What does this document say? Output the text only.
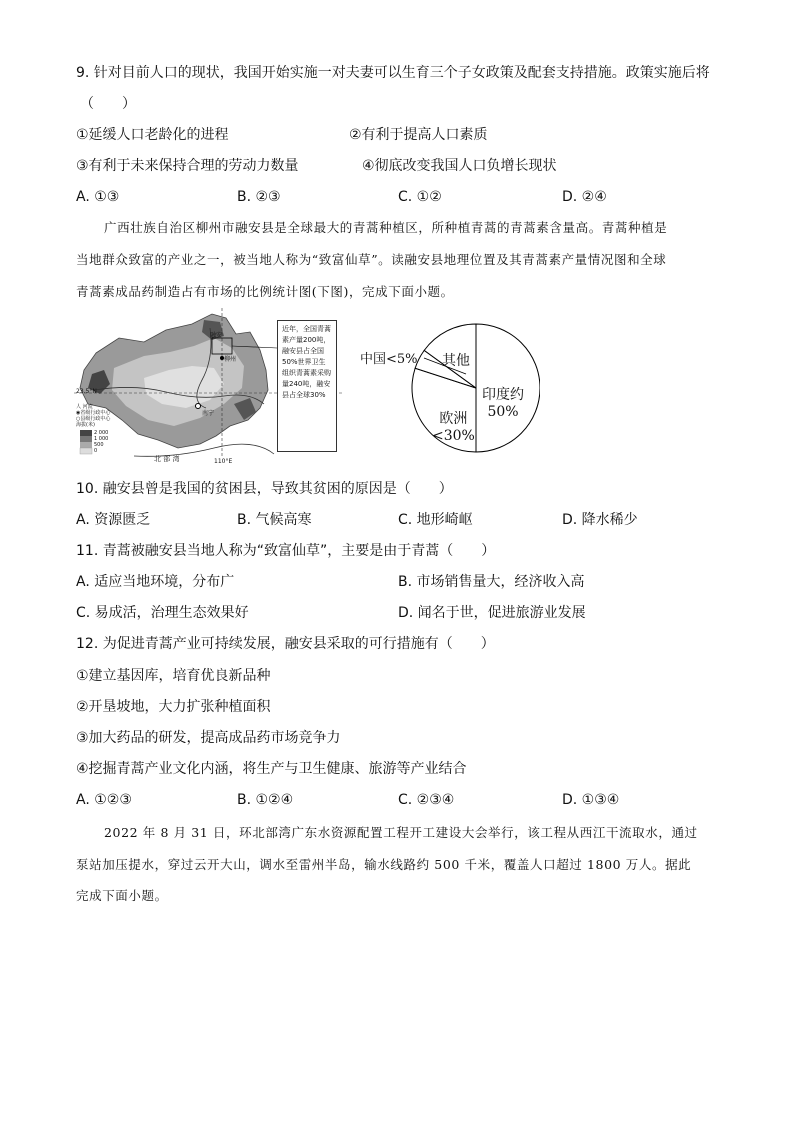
9. 针对目前人口的现状，我国开始实施一对夫妻可以生育三个子女政策及配套支持措施。政策实施后将
（　　）
①延缓人口老龄化的进程	②有利于提高人口素质
③有利于未来保持合理的劳动力数量	④彻底改变我国人口负增长现状
A. ①③	B. ②③	C. ①②	D. ②④
广西壮族自治区柳州市融安县是全球最大的青蒿种植区，所种植青蒿的青蒿素含量高。青蒿种植是
当地群众致富的产业之一，被当地人称为“致富仙草”。读融安县地理位置及其青蒿素产量情况图和全球
青蒿素成品药制造占有市场的比例统计图(下图)，完成下面小题。
23.5°N
110°E
北 部 湾
人 河流
◉省级行政中心
○县级行政中心
海拔(米)
2 000
1 000
500
0
南宁
柳州
融安
近年，全国青蒿素产量200吨，融安县占全国50%世界卫生组织青蒿素采购量240吨，融安县占全球30%
中国<5% 其他
印度约
50%
欧洲
<30%
10. 融安县曾是我国的贫困县，导致其贫困的原因是（　　）
A. 资源匮乏	B. 气候高寒	C. 地形崎岖	D. 降水稀少
11. 青蒿被融安县当地人称为“致富仙草”，主要是由于青蒿（　　）
A. 适应当地环境，分布广	B. 市场销售量大，经济收入高
C. 易成活，治理生态效果好	D. 闻名于世，促进旅游业发展
12. 为促进青蒿产业可持续发展，融安县采取的可行措施有（　　）
①建立基因库，培育优良新品种
②开垦坡地，大力扩张种植面积
③加大药品的研发，提高成品药市场竞争力
④挖掘青蒿产业文化内涵，将生产与卫生健康、旅游等产业结合
A. ①②③	B. ①②④	C. ②③④	D. ①③④
2022 年 8 月 31 日，环北部湾广东水资源配置工程开工建设大会举行，该工程从西江干流取水，通过
泵站加压提水，穿过云开大山，调水至雷州半岛，输水线路约 500 千米，覆盖人口超过 1800 万人。据此
完成下面小题。
